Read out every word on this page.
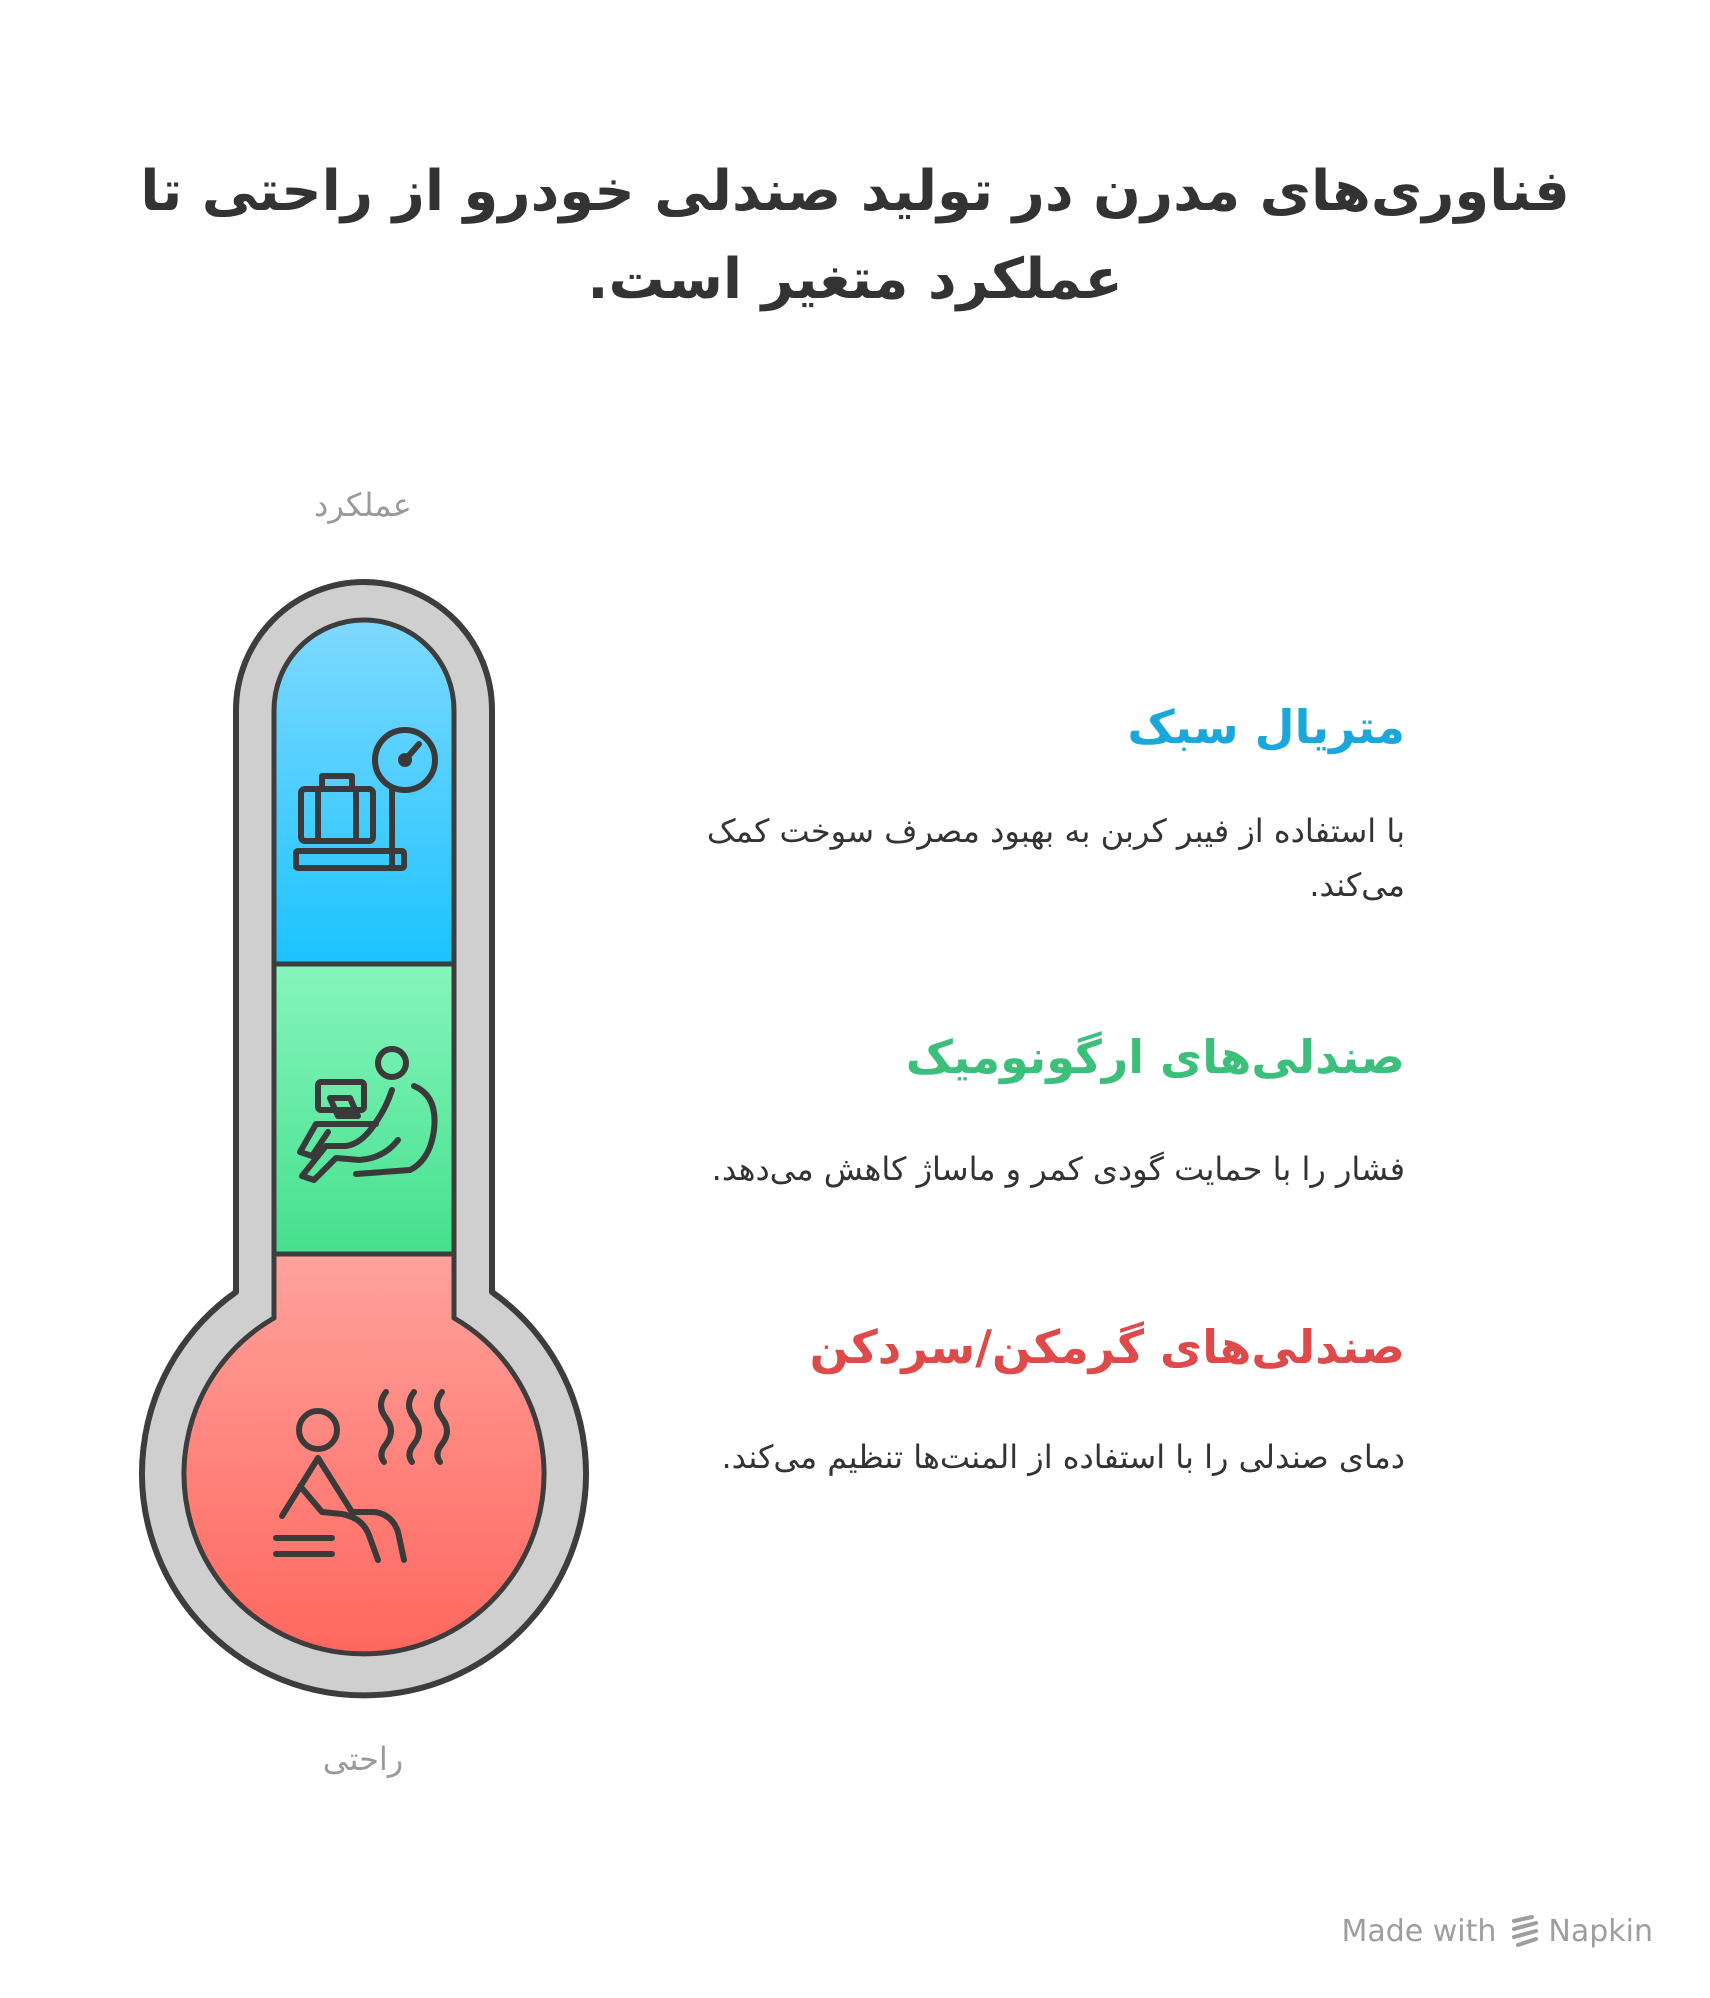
فناوری‌های مدرن در تولید صندلی خودرو از راحتی تا عملکرد متغیر است.
عملکرد
راحتی
متریال سبک
با استفاده از فیبر کربن به بهبود مصرف سوخت کمک می‌کند.
صندلی‌های ارگونومیک
فشار را با حمایت گودی کمر و ماساژ کاهش می‌دهد.
صندلی‌های گرمکن/سردکن
دمای صندلی را با استفاده از المنت‌ها تنظیم می‌کند.
Made with Napkin
